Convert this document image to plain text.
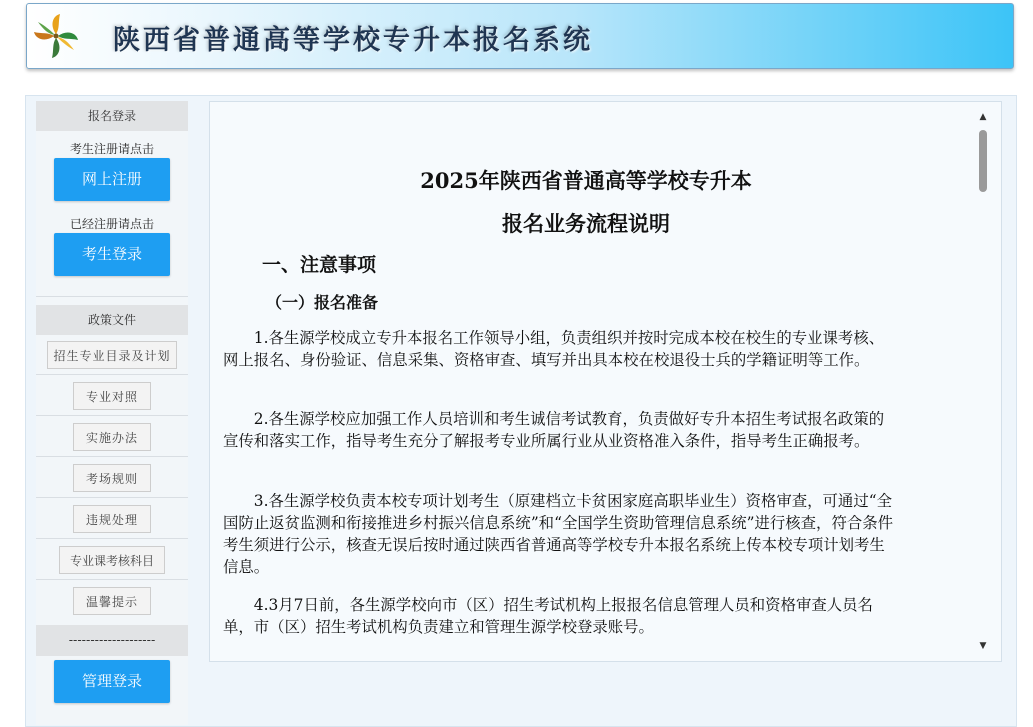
陕西省普通高等学校专升本报名系统
报名登录
考生注册请点击
网上注册
已经注册请点击
考生登录
政策文件
招生专业目录及计划
专业对照
实施办法
考场规则
违规处理
专业课考核科目
温馨提示
--------------------
管理登录
2025年陕西省普通高等学校专升本
报名业务流程说明
一、注意事项
（一）报名准备
1.各生源学校成立专升本报名工作领导小组，负责组织并按时完成本校在校生的专业课考核、网上报名、身份验证、信息采集、资格审查、填写并出具本校在校退役士兵的学籍证明等工作。
2.各生源学校应加强工作人员培训和考生诚信考试教育，负责做好专升本招生考试报名政策的宣传和落实工作，指导考生充分了解报考专业所属行业从业资格准入条件，指导考生正确报考。
3.各生源学校负责本校专项计划考生（原建档立卡贫困家庭高职毕业生）资格审查，可通过“全国防止返贫监测和衔接推进乡村振兴信息系统”和“全国学生资助管理信息系统”进行核查，符合条件考生须进行公示，核查无误后按时通过陕西省普通高等学校专升本报名系统上传本校专项计划考生信息。
4.3月7日前，各生源学校向市（区）招生考试机构上报报名信息管理人员和资格审查人员名单，市（区）招生考试机构负责建立和管理生源学校登录账号。
▲
▼
